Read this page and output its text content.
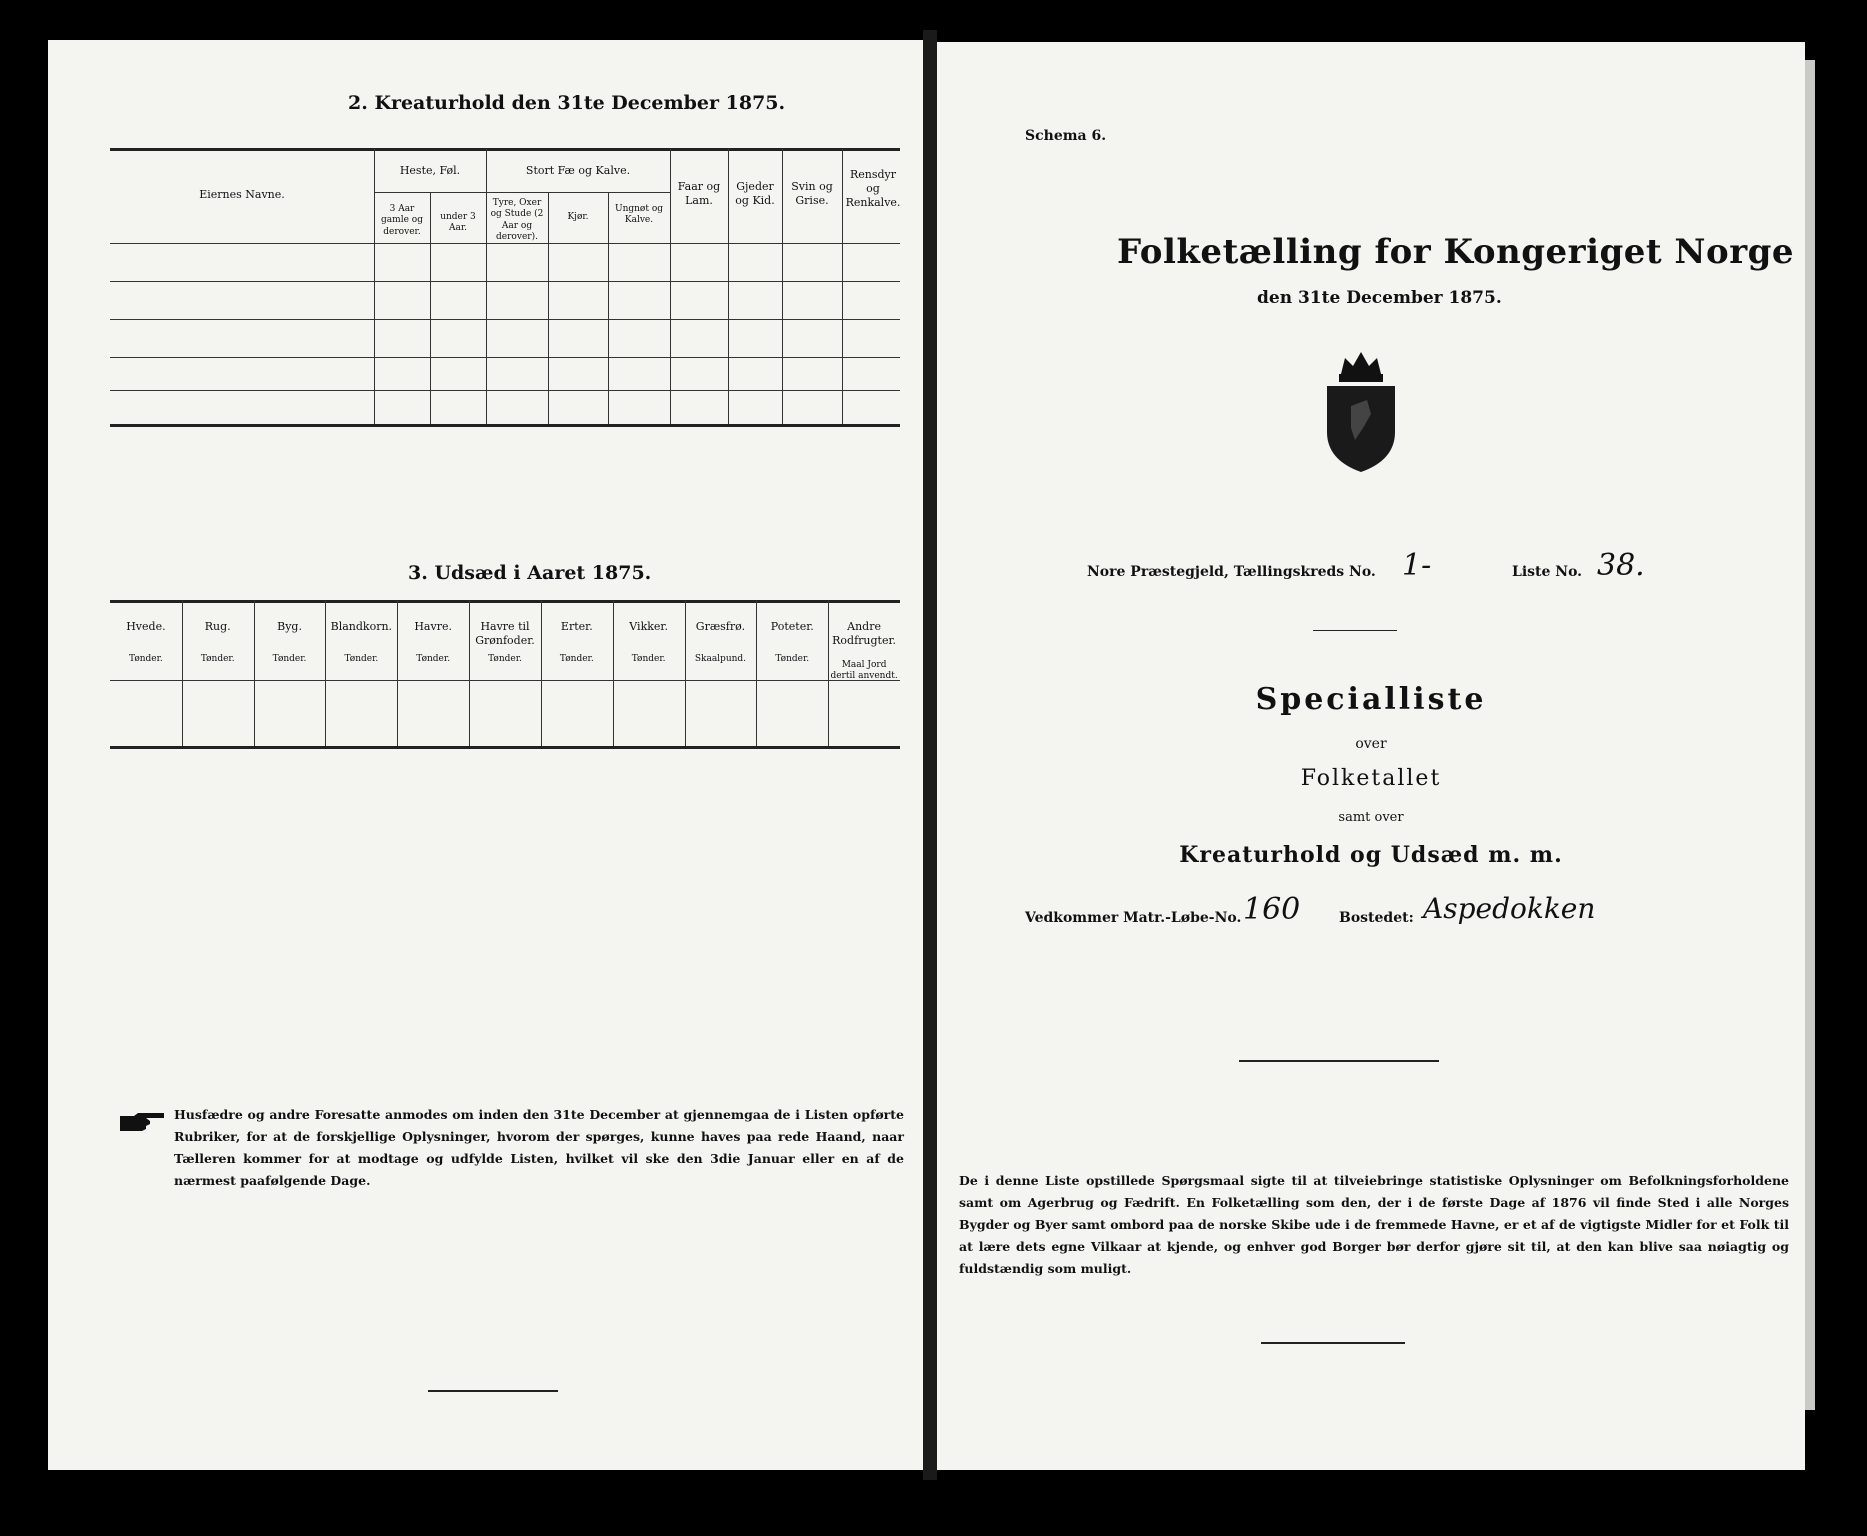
2. Kreaturhold den 31te December 1875.
Eiernes Navne.
Heste, Føl.
3 Aar gamle og derover.
under 3 Aar.
Stort Fæ og Kalve.
Tyre, Oxer og Stude (2 Aar og derover).
Kjør.
Ungnøt og Kalve.
Faar og Lam.
Gjeder og Kid.
Svin og Grise.
Rensdyr og Renkalve.
3. Udsæd i Aaret 1875.
Hvede.
Tønder.
Rug.
Tønder.
Byg.
Tønder.
Blandkorn.
Tønder.
Havre.
Tønder.
Havre til Grønfoder.
Tønder.
Erter.
Tønder.
Vikker.
Tønder.
Græsfrø.
Skaalpund.
Poteter.
Tønder.
Andre Rodfrugter.
Maal Jord dertil anvendt.
Husfædre og andre Foresatte anmodes om inden den 31te December at gjennemgaa de i Listen opførte Rubriker, for at de forskjellige Oplysninger, hvorom der spørges, kunne haves paa rede Haand, naar Tælleren kommer for at modtage og udfylde Listen, hvilket vil ske den 3die Januar eller en af de nærmest paafølgende Dage.
Schema 6.
Folketælling for Kongeriget Norge
den 31te December 1875.
Nore Præstegjeld, Tællingskreds No. 1-	Liste No. 38.
Specialliste
over
Folketallet
samt over
Kreaturhold og Udsæd m. m.
Vedkommer Matr.-Løbe-No. 160	Bostedet: Aspedokken
De i denne Liste opstillede Spørgsmaal sigte til at tilveiebringe statistiske Oplysninger om Befolkningsforholdene samt om Agerbrug og Fædrift. En Folketælling som den, der i de første Dage af 1876 vil finde Sted i alle Norges Bygder og Byer samt ombord paa de norske Skibe ude i de fremmede Havne, er et af de vigtigste Midler for et Folk til at lære dets egne Vilkaar at kjende, og enhver god Borger bør derfor gjøre sit til, at den kan blive saa nøiagtig og fuldstændig som muligt.
